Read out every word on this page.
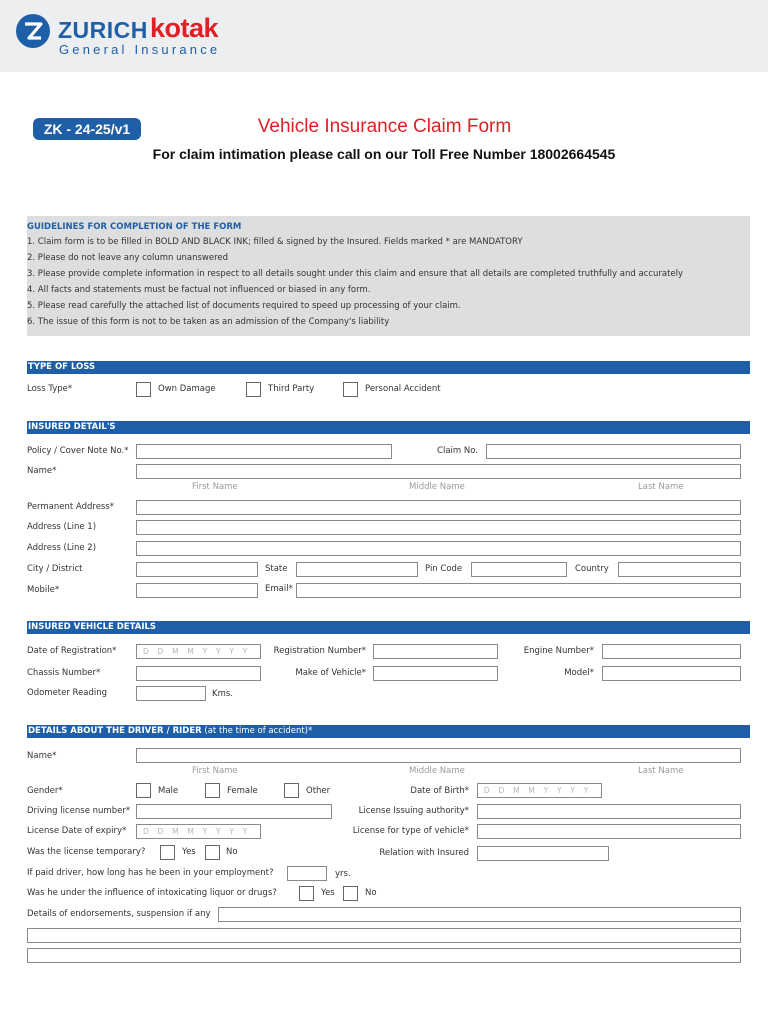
ZURICH kotak
General Insurance
Vehicle Insurance Claim Form
ZK - 24-25/v1
For claim intimation please call on our Toll Free Number 18002664545
GUIDELINES FOR COMPLETION OF THE FORM
1. Claim form is to be filled in BOLD AND BLACK INK; filled & signed by the Insured. Fields marked * are MANDATORY
2. Please do not leave any column unanswered
3. Please provide complete information in respect to all details sought under this claim and ensure that all details are completed truthfully and accurately
4. All facts and statements must be factual not influenced or biased in any form.
5. Please read carefully the attached list of documents required to speed up processing of your claim.
6. The issue of this form is not to be taken as an admission of the Company's liability
TYPE OF LOSS
Loss Type*	Own Damage	Third Party	Personal Accident
INSURED DETAIL'S
Policy / Cover Note No.*	Claim No.
Name*
First Name	Middle Name	Last Name
Permanent Address*
Address (Line 1)
Address (Line 2)
City / District	State	Pin Code	Country
Mobile*	Email*
INSURED VEHICLE DETAILS
Date of Registration*	D D M M Y Y Y Y	Registration Number*	Engine Number*
Chassis Number*	Make of Vehicle*	Model*
Odometer Reading	Kms.
DETAILS ABOUT THE DRIVER / RIDER (at the time of accident)*
Name*
First Name	Middle Name	Last Name
Gender*	Male	Female	Other	Date of Birth*	D D M M Y Y Y Y
Driving license number*	License Issuing authority*
License Date of expiry*	D D M M Y Y Y Y	License for type of vehicle*
Was the license temporary?	Yes	No	Relation with Insured
If paid driver, how long has he been in your employment?	yrs.
Was he under the influence of intoxicating liquor or drugs?	Yes	No
Details of endorsements, suspension if any
